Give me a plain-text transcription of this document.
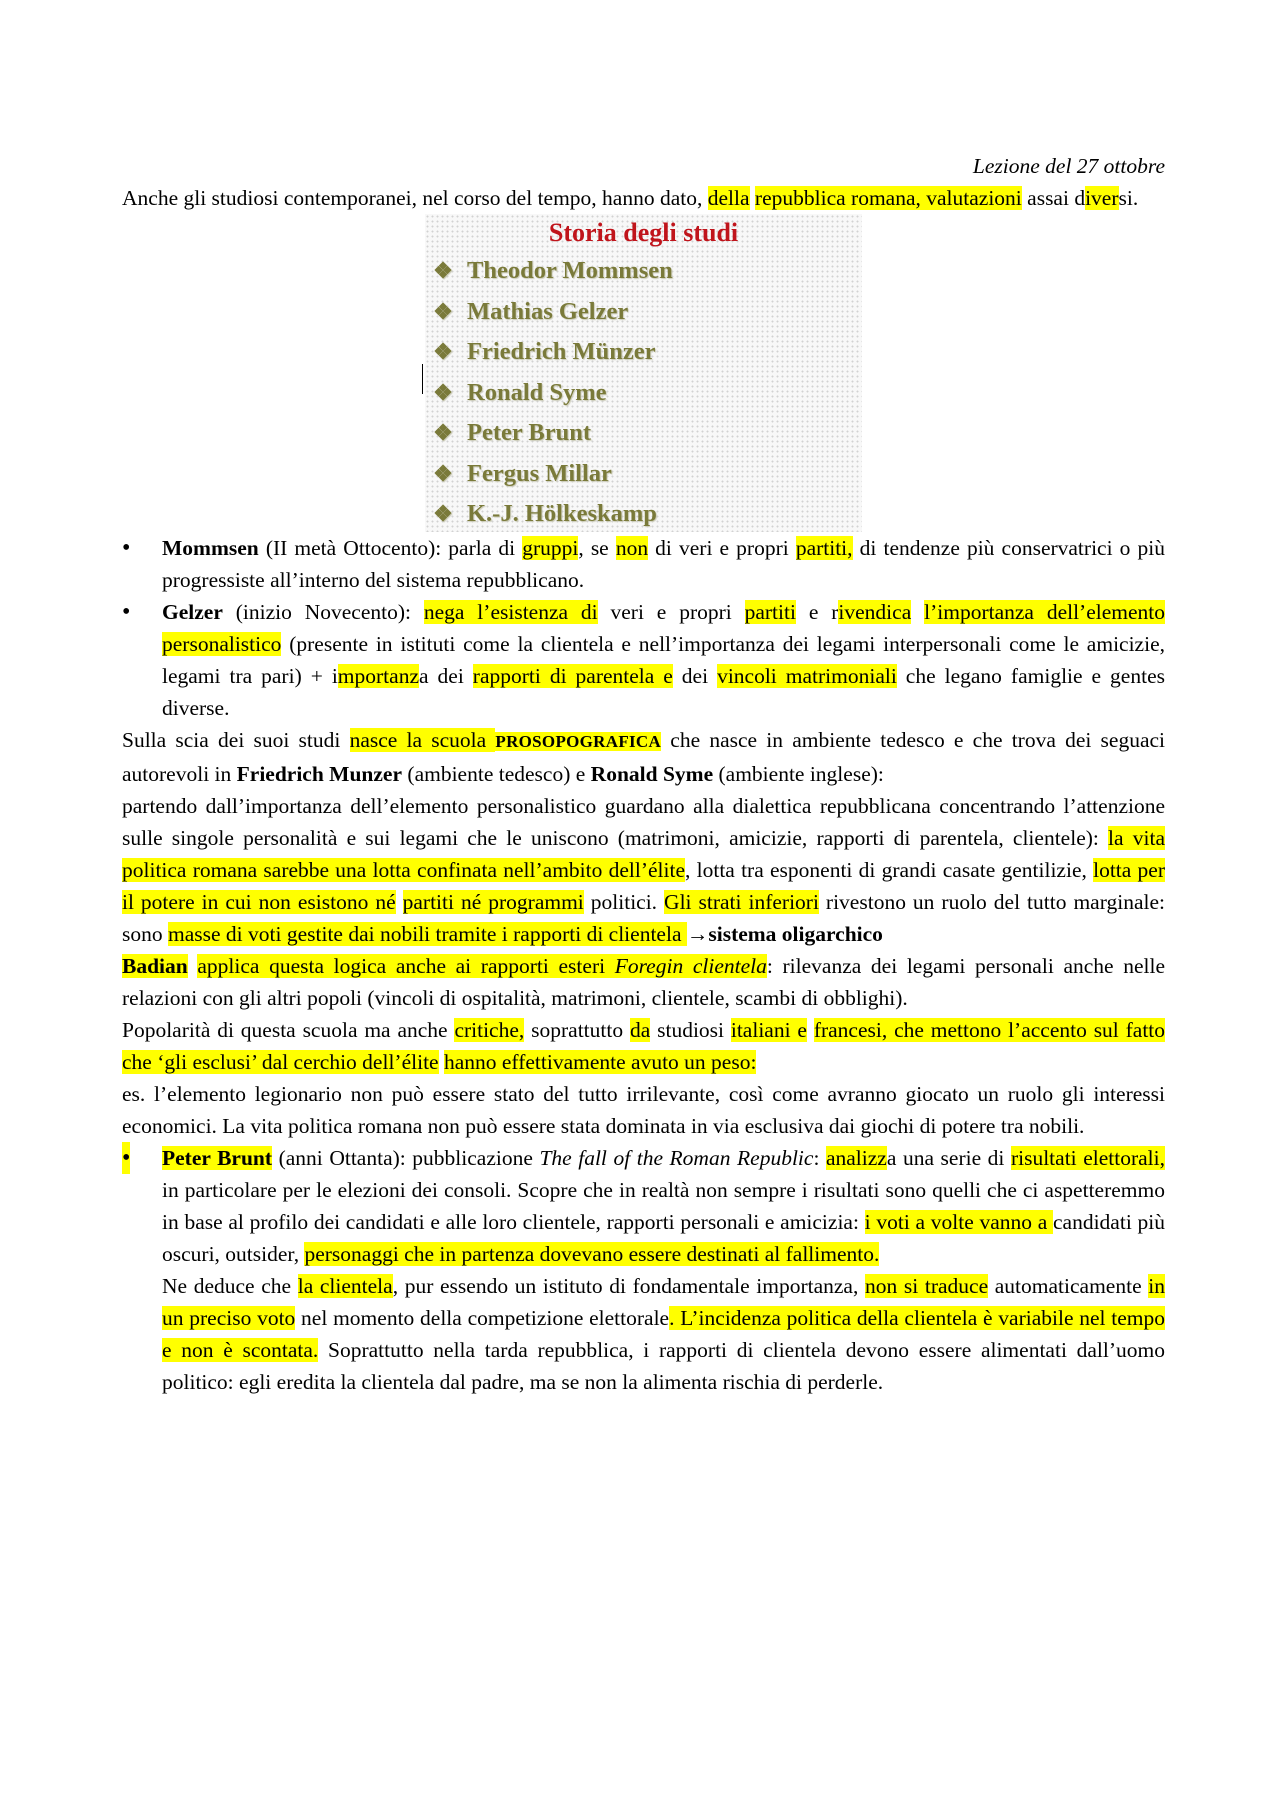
Lezione del 27 ottobre
Anche gli studiosi contemporanei, nel corso del tempo, hanno dato, della repubblica romana, valutazioni assai diversi.
Storia degli studi
❖ Theodor Mommsen
❖ Mathias Gelzer
❖ Friedrich Münzer
❖ Ronald Syme
❖ Peter Brunt
❖ Fergus Millar
❖ K.-J. Hölkeskamp
• Mommsen (II metà Ottocento): parla di gruppi, se non di veri e propri partiti, di tendenze più conservatrici o più progressiste all’interno del sistema repubblicano.
• Gelzer (inizio Novecento): nega l’esistenza di veri e propri partiti e rivendica l’importanza dell’elemento personalistico (presente in istituti come la clientela e nell’importanza dei legami interpersonali come le amicizie, legami tra pari) + importanza dei rapporti di parentela e dei vincoli matrimoniali che legano famiglie e gentes diverse.
Sulla scia dei suoi studi nasce la scuola PROSOPOGRAFICA che nasce in ambiente tedesco e che trova dei seguaci autorevoli in Friedrich Munzer (ambiente tedesco) e Ronald Syme (ambiente inglese):
partendo dall’importanza dell’elemento personalistico guardano alla dialettica repubblicana concentrando l’attenzione sulle singole personalità e sui legami che le uniscono (matrimoni, amicizie, rapporti di parentela, clientele): la vita politica romana sarebbe una lotta confinata nell’ambito dell’élite, lotta tra esponenti di grandi casate gentilizie, lotta per il potere in cui non esistono né partiti né programmi politici. Gli strati inferiori rivestono un ruolo del tutto marginale: sono masse di voti gestite dai nobili tramite i rapporti di clientela →sistema oligarchico
Badian applica questa logica anche ai rapporti esteri Foregin clientela: rilevanza dei legami personali anche nelle relazioni con gli altri popoli (vincoli di ospitalità, matrimoni, clientele, scambi di obblighi).
Popolarità di questa scuola ma anche critiche, soprattutto da studiosi italiani e francesi, che mettono l’accento sul fatto che ‘gli esclusi’ dal cerchio dell’élite hanno effettivamente avuto un peso:
es. l’elemento legionario non può essere stato del tutto irrilevante, così come avranno giocato un ruolo gli interessi economici. La vita politica romana non può essere stata dominata in via esclusiva dai giochi di potere tra nobili.
• Peter Brunt (anni Ottanta): pubblicazione The fall of the Roman Republic: analizza una serie di risultati elettorali, in particolare per le elezioni dei consoli. Scopre che in realtà non sempre i risultati sono quelli che ci aspetteremmo in base al profilo dei candidati e alle loro clientele, rapporti personali e amicizia: i voti a volte vanno a candidati più oscuri, outsider, personaggi che in partenza dovevano essere destinati al fallimento.
Ne deduce che la clientela, pur essendo un istituto di fondamentale importanza, non si traduce automaticamente in un preciso voto nel momento della competizione elettorale. L’incidenza politica della clientela è variabile nel tempo e non è scontata. Soprattutto nella tarda repubblica, i rapporti di clientela devono essere alimentati dall’uomo politico: egli eredita la clientela dal padre, ma se non la alimenta rischia di perderle.
